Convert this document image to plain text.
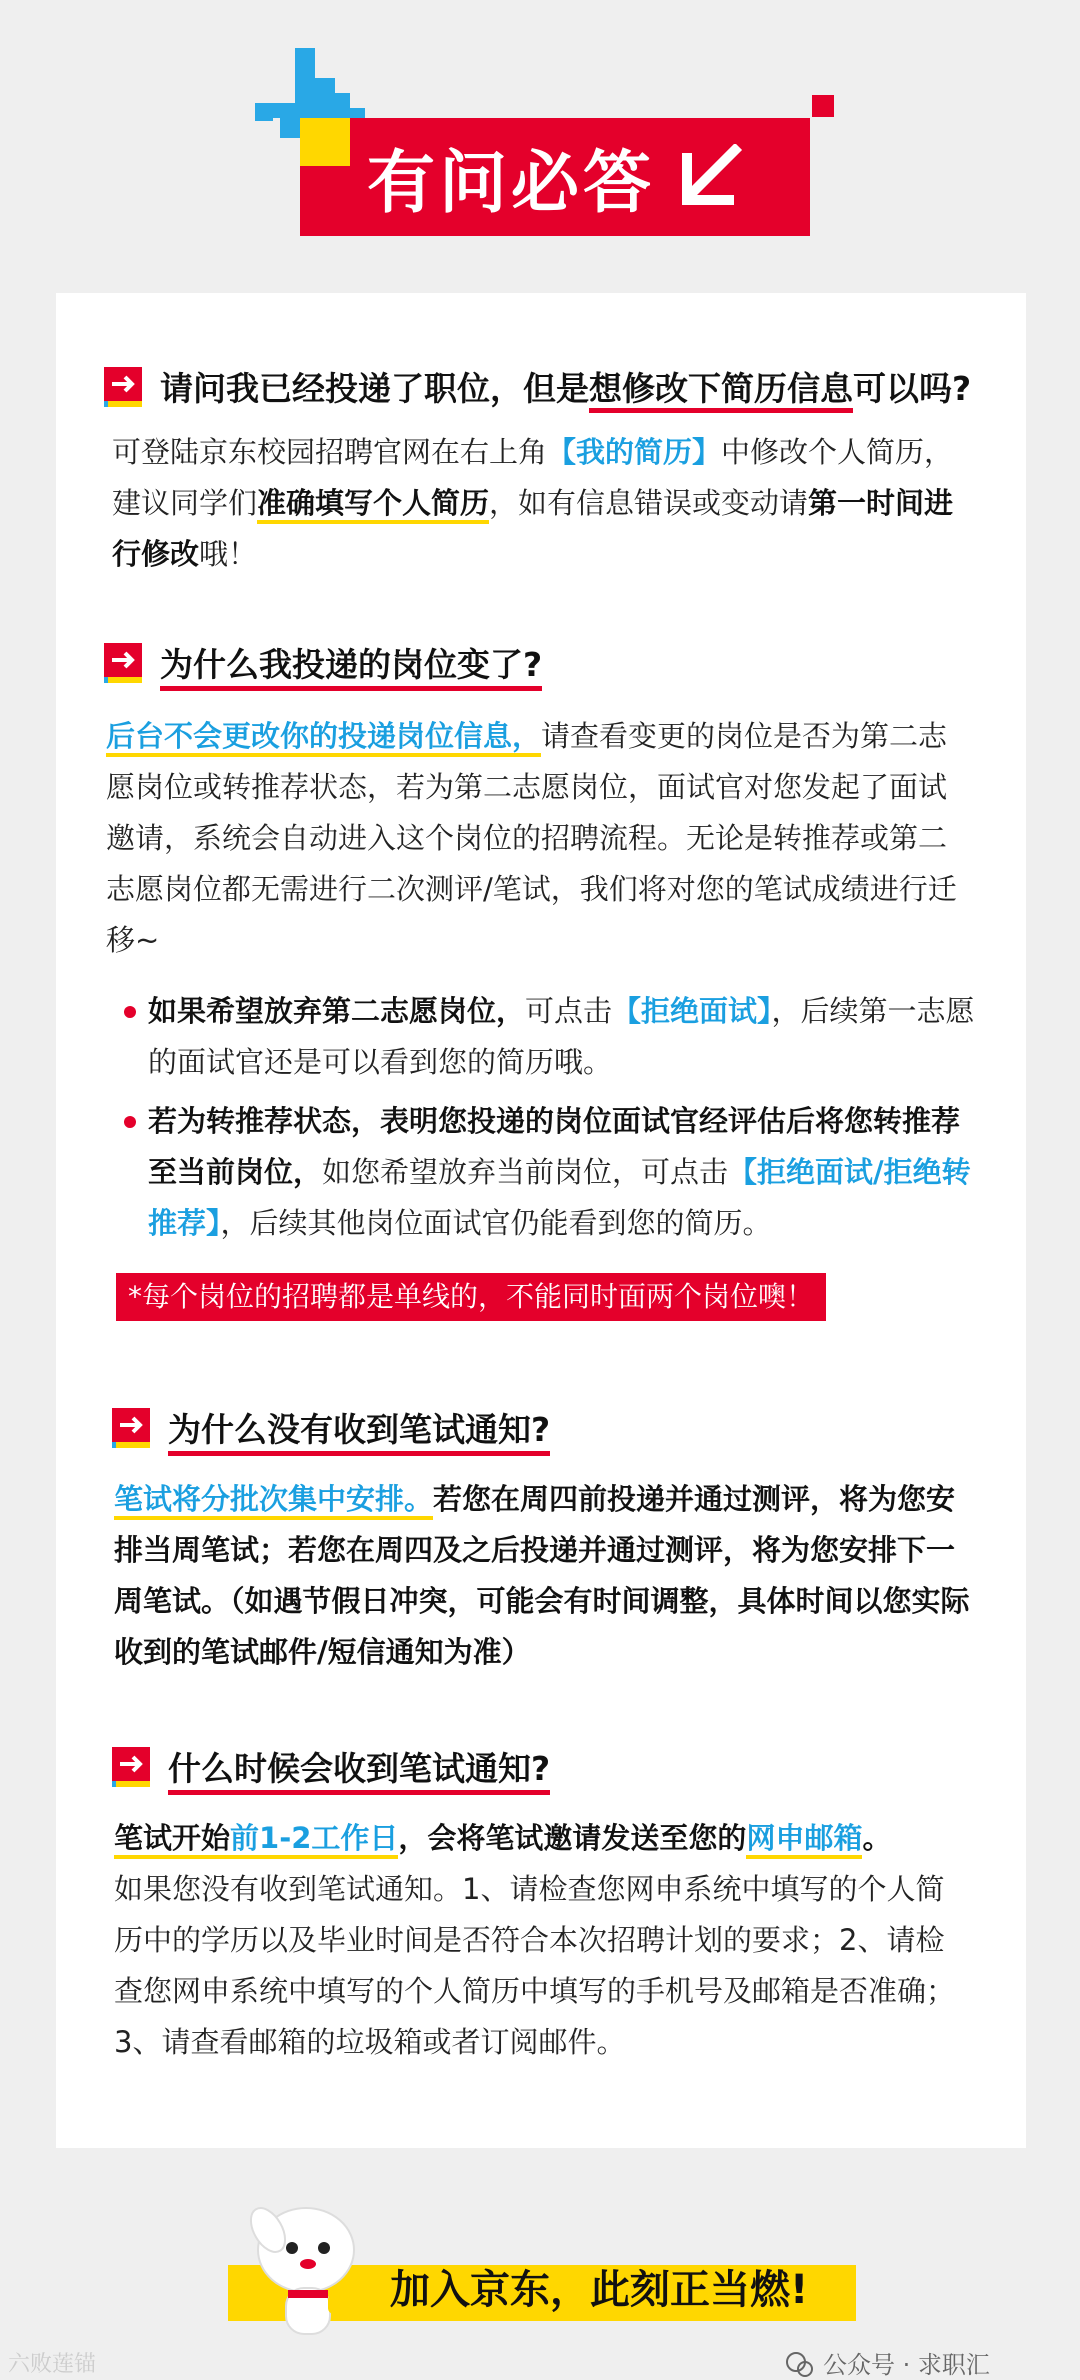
有问必答
请问我已经投递了职位，但是想修改下简历信息可以吗?
可登陆京东校园招聘官网在右上角【我的简历】中修改个人简历，
建议同学们准确填写个人简历，如有信息错误或变动请第一时间进
行修改哦！
为什么我投递的岗位变了?
后台不会更改你的投递岗位信息，请查看变更的岗位是否为第二志愿岗位或转推荐状态，若为第二志愿岗位，面试官对您发起了面试邀请，系统会自动进入这个岗位的招聘流程。无论是转推荐或第二志愿岗位都无需进行二次测评/笔试，我们将对您的笔试成绩进行迁移~
如果希望放弃第二志愿岗位，可点击【拒绝面试】，后续第一志愿的面试官还是可以看到您的简历哦。
若为转推荐状态，表明您投递的岗位面试官经评估后将您转推荐至当前岗位，如您希望放弃当前岗位，可点击【拒绝面试/拒绝转推荐】，后续其他岗位面试官仍能看到您的简历。
*每个岗位的招聘都是单线的，不能同时面两个岗位噢！
为什么没有收到笔试通知?
笔试将分批次集中安排。若您在周四前投递并通过测评，将为您安排当周笔试；若您在周四及之后投递并通过测评，将为您安排下一周笔试。（如遇节假日冲突，可能会有时间调整，具体时间以您实际收到的笔试邮件/短信通知为准）
什么时候会收到笔试通知?
笔试开始前1-2工作日，会将笔试邀请发送至您的网申邮箱。
如果您没有收到笔试通知。1、请检查您网申系统中填写的个人简历中的学历以及毕业时间是否符合本次招聘计划的要求；2、请检查您网申系统中填写的个人简历中填写的手机号及邮箱是否准确；3、请查看邮箱的垃圾箱或者订阅邮件。
加入京东，此刻正当燃!
六败莲锚	公众号 · 求职汇
